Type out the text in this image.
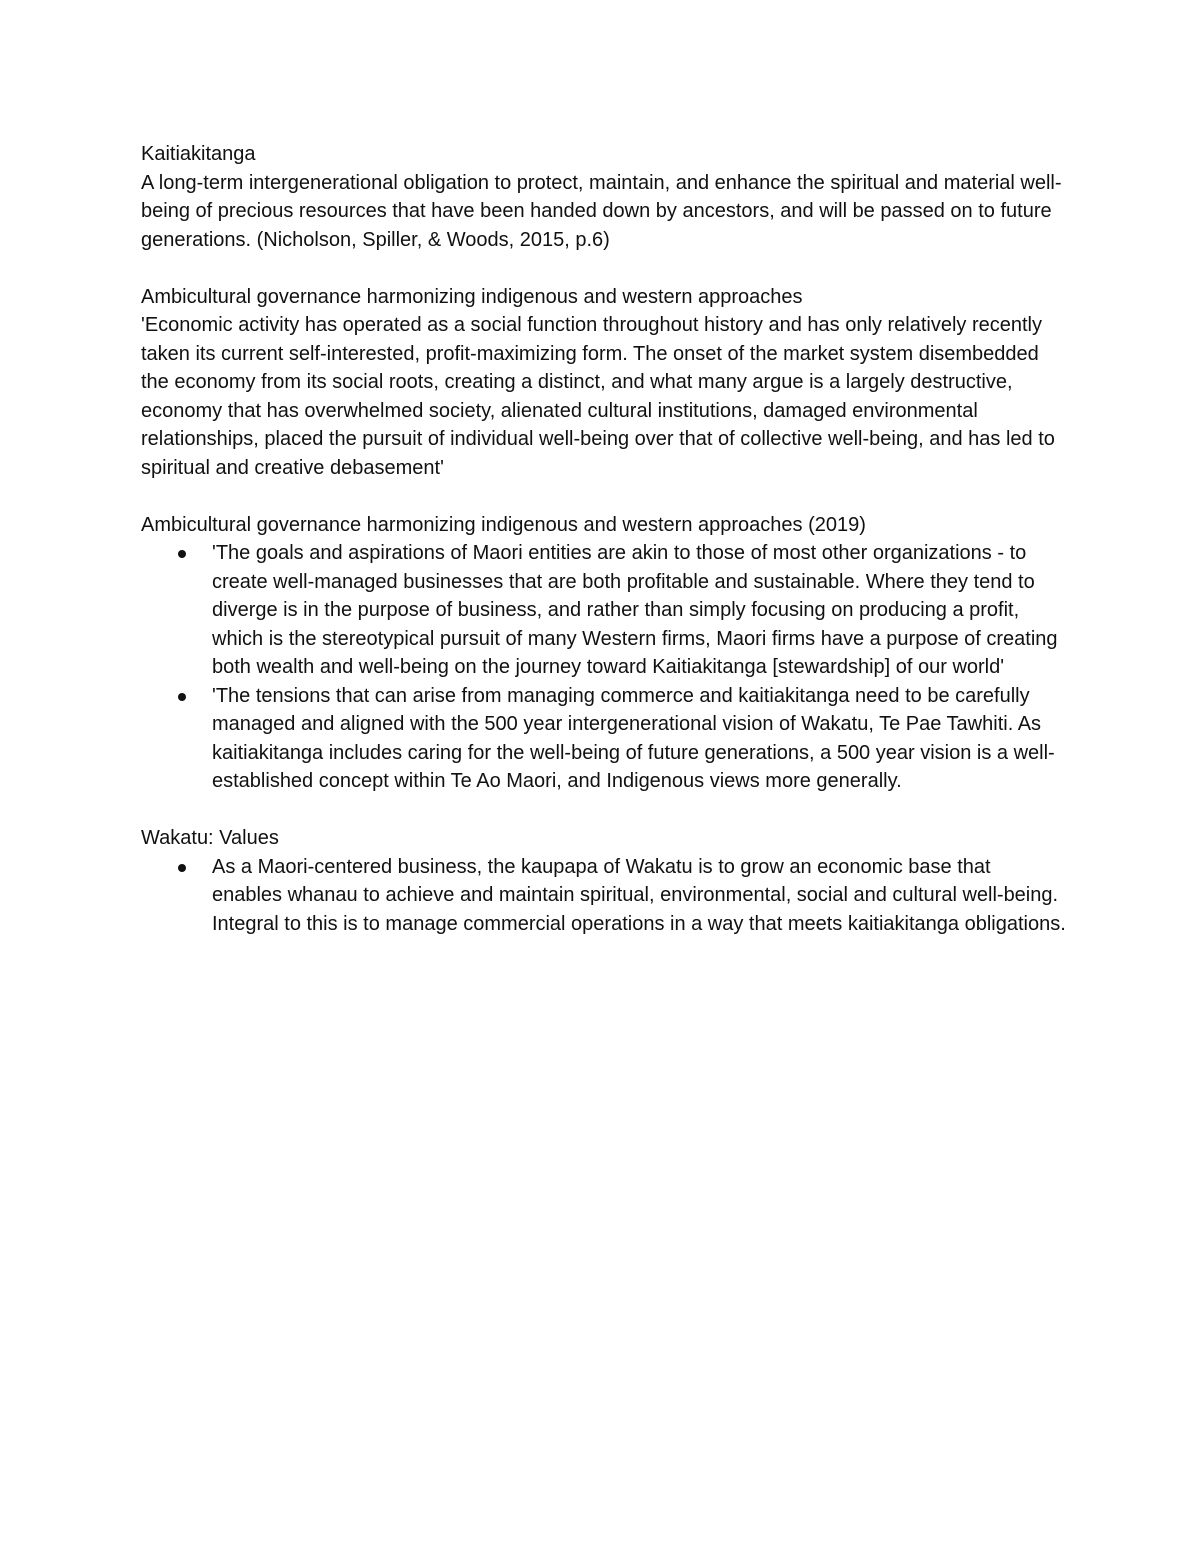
Kaitiakitanga

A long-term intergenerational obligation to protect, maintain, and enhance the spiritual and material well-being of precious resources that have been handed down by ancestors, and will be passed on to future generations. (Nicholson, Spiller, & Woods, 2015, p.6)

Ambicultural governance harmonizing indigenous and western approaches

'Economic activity has operated as a social function throughout history and has only relatively recently taken its current self-interested, profit-maximizing form. The onset of the market system disembedded the economy from its social roots, creating a distinct, and what many argue is a largely destructive, economy that has overwhelmed society, alienated cultural institutions, damaged environmental relationships, placed the pursuit of individual well-being over that of collective well-being, and has led to spiritual and creative debasement'

Ambicultural governance harmonizing indigenous and western approaches (2019)

'The goals and aspirations of Maori entities are akin to those of most other organizations - to create well-managed businesses that are both profitable and sustainable. Where they tend to diverge is in the purpose of business, and rather than simply focusing on producing a profit, which is the stereotypical pursuit of many Western firms, Maori firms have a purpose of creating both wealth and well-being on the journey toward Kaitiakitanga [stewardship] of our world'
'The tensions that can arise from managing commerce and kaitiakitanga need to be carefully managed and aligned with the 500 year intergenerational vision of Wakatu, Te Pae Tawhiti. As kaitiakitanga includes caring for the well-being of future generations, a 500 year vision is a well-established concept within Te Ao Maori, and Indigenous views more generally.

Wakatu: Values

As a Maori-centered business, the kaupapa of Wakatu is to grow an economic base that enables whanau to achieve and maintain spiritual, environmental, social and cultural well-being. Integral to this is to manage commercial operations in a way that meets kaitiakitanga obligations.
